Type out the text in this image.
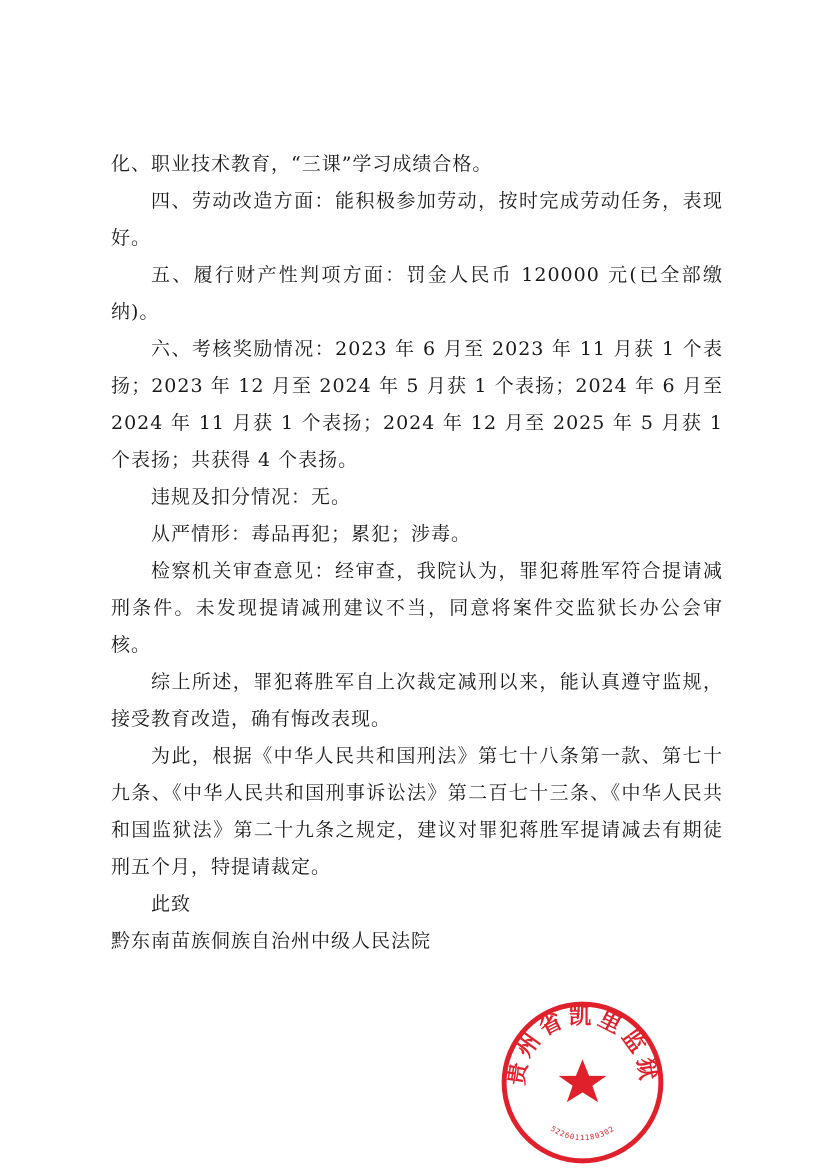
化、职业技术教育，“三课”学习成绩合格。

四、劳动改造方面：能积极参加劳动，按时完成劳动任务，表现好。

五、履行财产性判项方面：罚金人民币 120000 元(已全部缴纳)。

六、考核奖励情况：2023 年 6 月至 2023 年 11 月获 1 个表扬；2023 年 12 月至 2024 年 5 月获 1 个表扬；2024 年 6 月至 2024 年 11 月获 1 个表扬；2024 年 12 月至 2025 年 5 月获 1 个表扬；共获得 4 个表扬。

违规及扣分情况：无。

从严情形：毒品再犯；累犯；涉毒。

检察机关审查意见：经审查，我院认为，罪犯蒋胜军符合提请减刑条件。未发现提请减刑建议不当，同意将案件交监狱长办公会审核。

综上所述，罪犯蒋胜军自上次裁定减刑以来，能认真遵守监规，接受教育改造，确有悔改表现。

为此，根据《中华人民共和国刑法》第七十八条第一款、第七十九条、《中华人民共和国刑事诉讼法》第二百七十三条、《中华人民共和国监狱法》第二十九条之规定，建议对罪犯蒋胜军提请减去有期徒刑五个月，特提请裁定。

此致

黔东南苗族侗族自治州中级人民法院

贵州省凯里监狱
5226011180302
